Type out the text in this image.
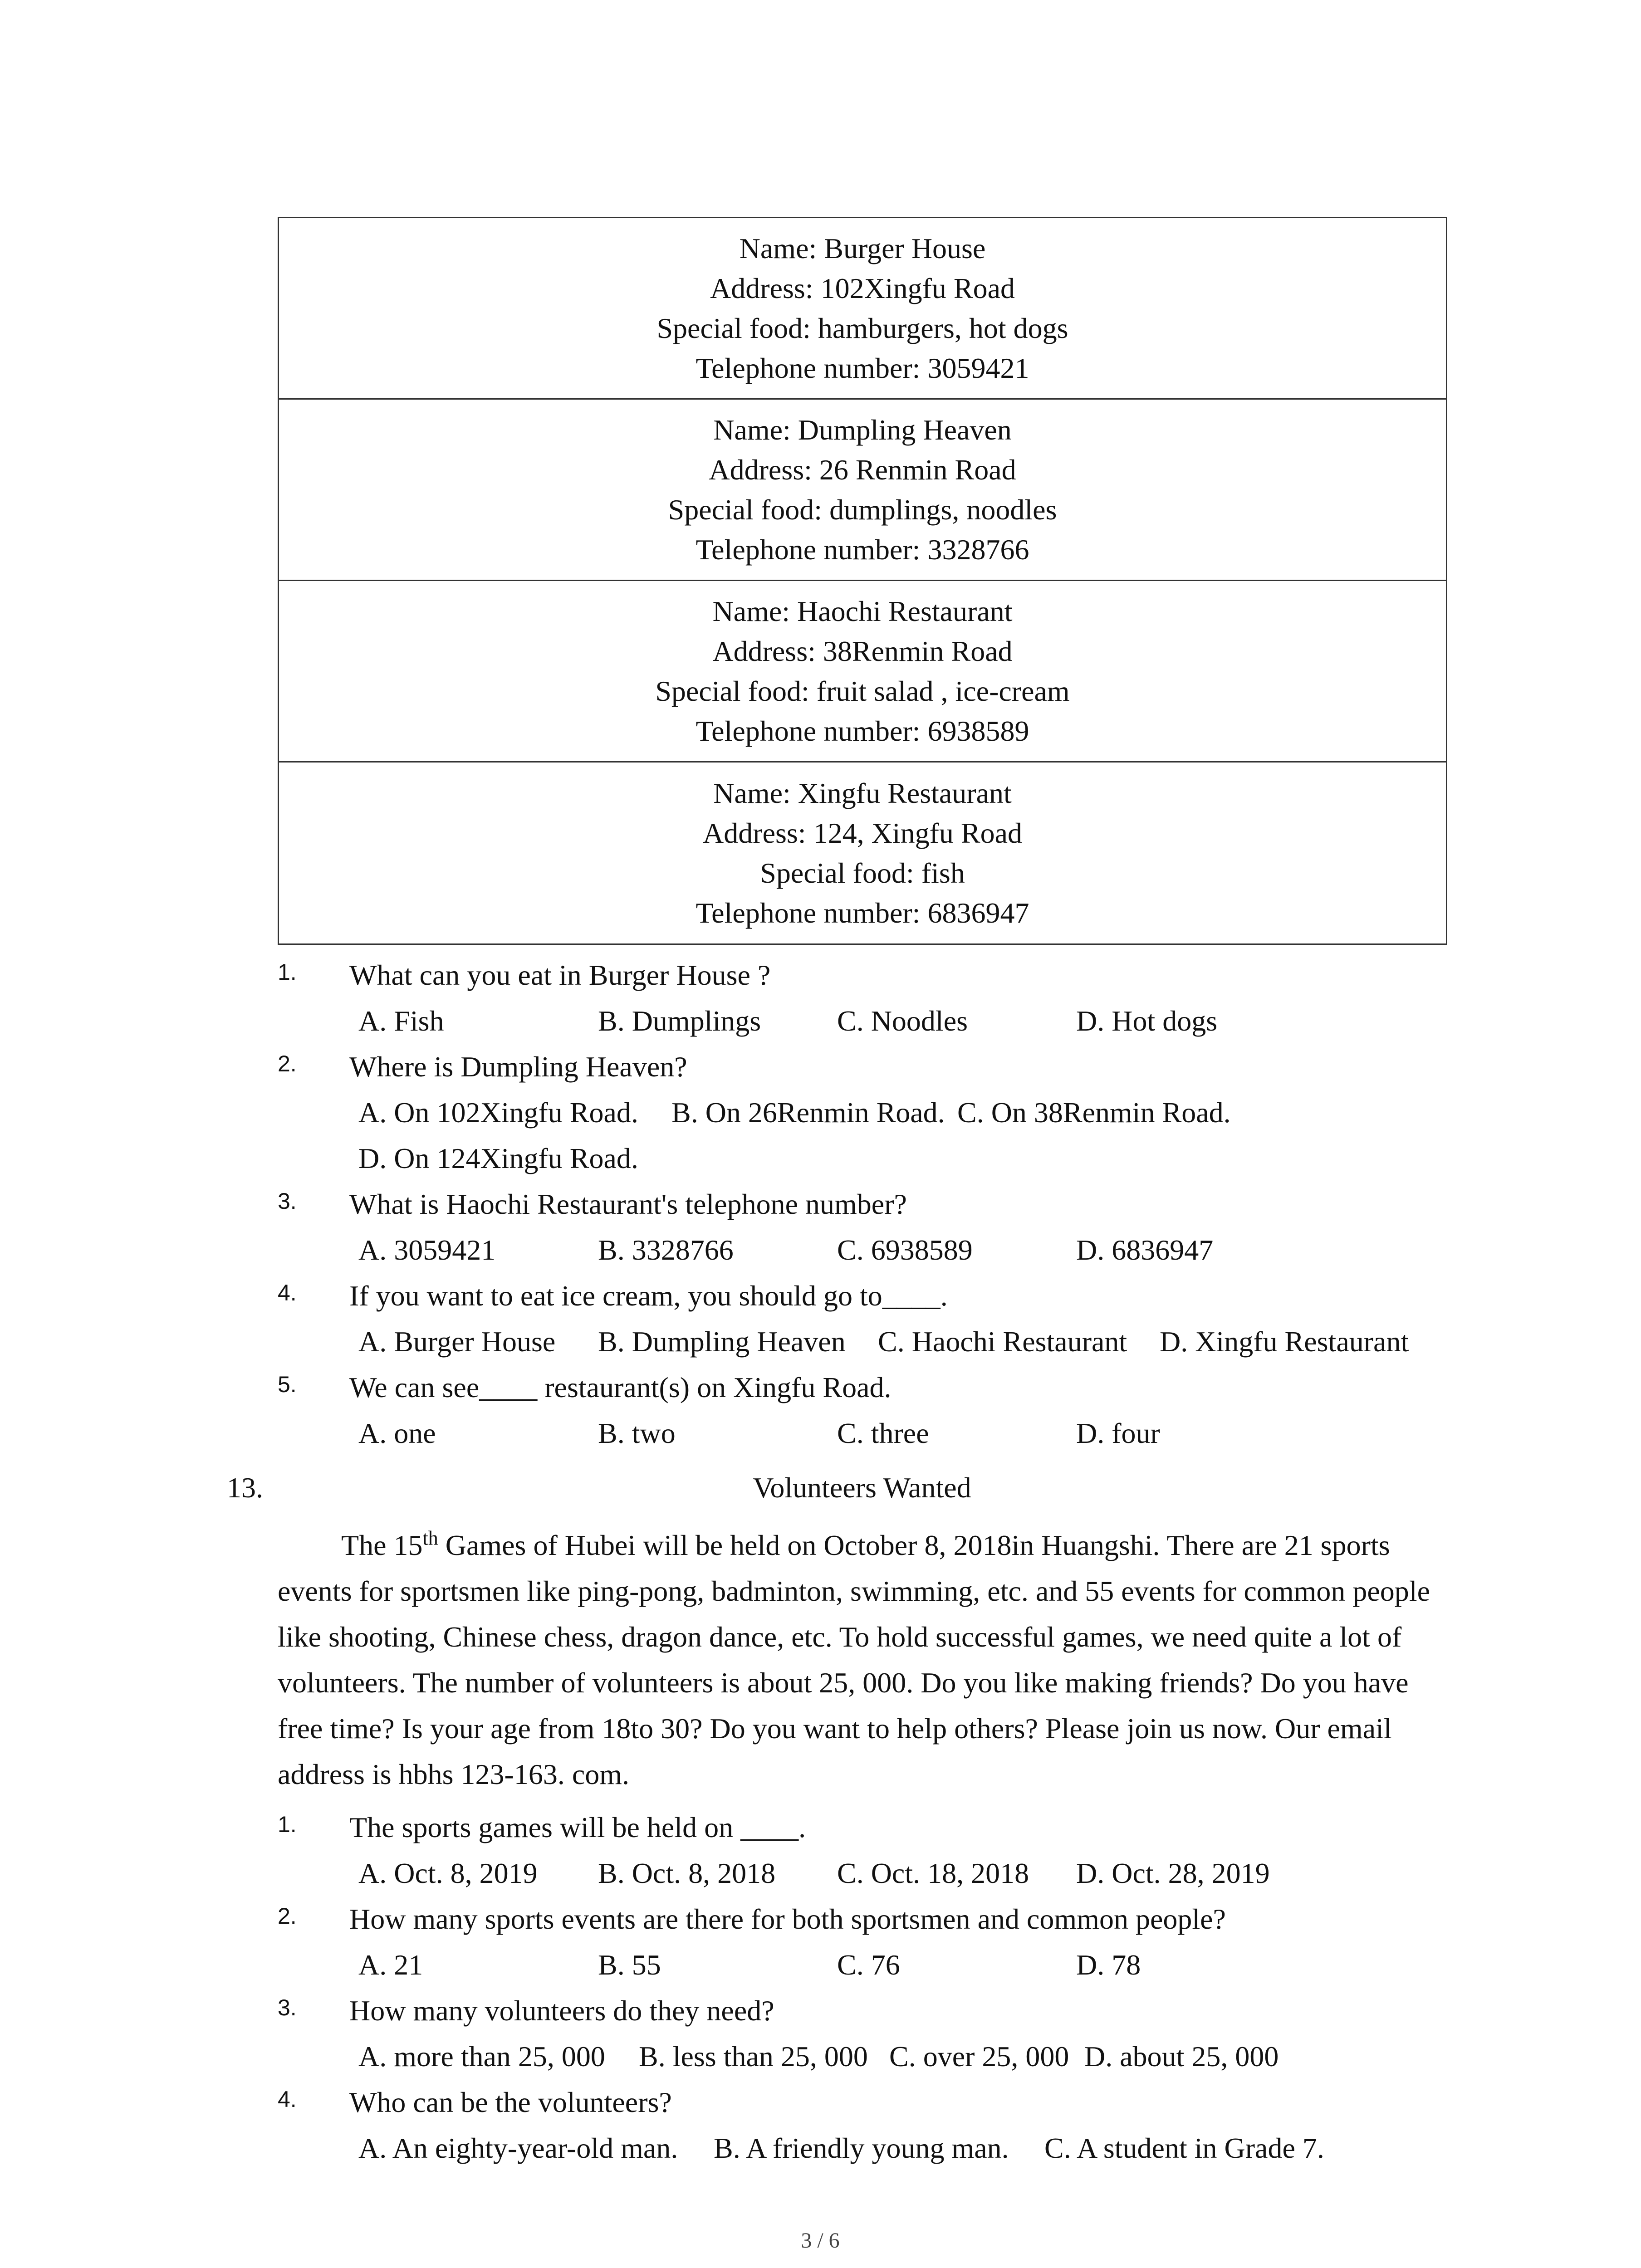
Name: Burger House
Address: 102Xingfu Road
Special food: hamburgers, hot dogs
Telephone number: 3059421
Name: Dumpling Heaven
Address: 26 Renmin Road
Special food: dumplings, noodles
Telephone number: 3328766
Name: Haochi Restaurant
Address: 38Renmin Road
Special food: fruit salad , ice-cream
Telephone number: 6938589
Name: Xingfu Restaurant
Address: 124, Xingfu Road
Special food: fish
Telephone number: 6836947
1.	What can you eat in Burger House ?
A. Fish	B. Dumplings	C. Noodles	D. Hot dogs
2.	Where is Dumpling Heaven?
A. On 102Xingfu Road. B. On 26Renmin Road. C. On 38Renmin Road.
D. On 124Xingfu Road.
3.	What is Haochi Restaurant's telephone number?
A. 3059421	B. 3328766	C. 6938589	D. 6836947
4.	If you want to eat ice cream, you should go to____.
A. Burger House B. Dumpling Heaven C. Haochi Restaurant D. Xingfu Restaurant
5.	We can see____ restaurant(s) on Xingfu Road.
A. one	B. two	C. three	D. four
13.	Volunteers Wanted
The 15th Games of Hubei will be held on October 8, 2018in Huangshi. There are 21 sports events for sportsmen like ping-pong, badminton, swimming, etc. and 55 events for common people like shooting, Chinese chess, dragon dance, etc. To hold successful games, we need quite a lot of volunteers. The number of volunteers is about 25, 000. Do you like making friends? Do you have free time? Is your age from 18to 30? Do you want to help others? Please join us now. Our email address is hbhs 123-163. com.
1.	The sports games will be held on ____.
A. Oct. 8, 2019 B. Oct. 8, 2018 C. Oct. 18, 2018 D. Oct. 28, 2019
2.	How many sports events are there for both sportsmen and common people?
A. 21	B. 55	C. 76	D. 78
3.	How many volunteers do they need?
A. more than 25, 000 B. less than 25, 000 C. over 25, 000 D. about 25, 000
4.	Who can be the volunteers?
A. An eighty-year-old man. B. A friendly young man. C. A student in Grade 7.
3 / 6
